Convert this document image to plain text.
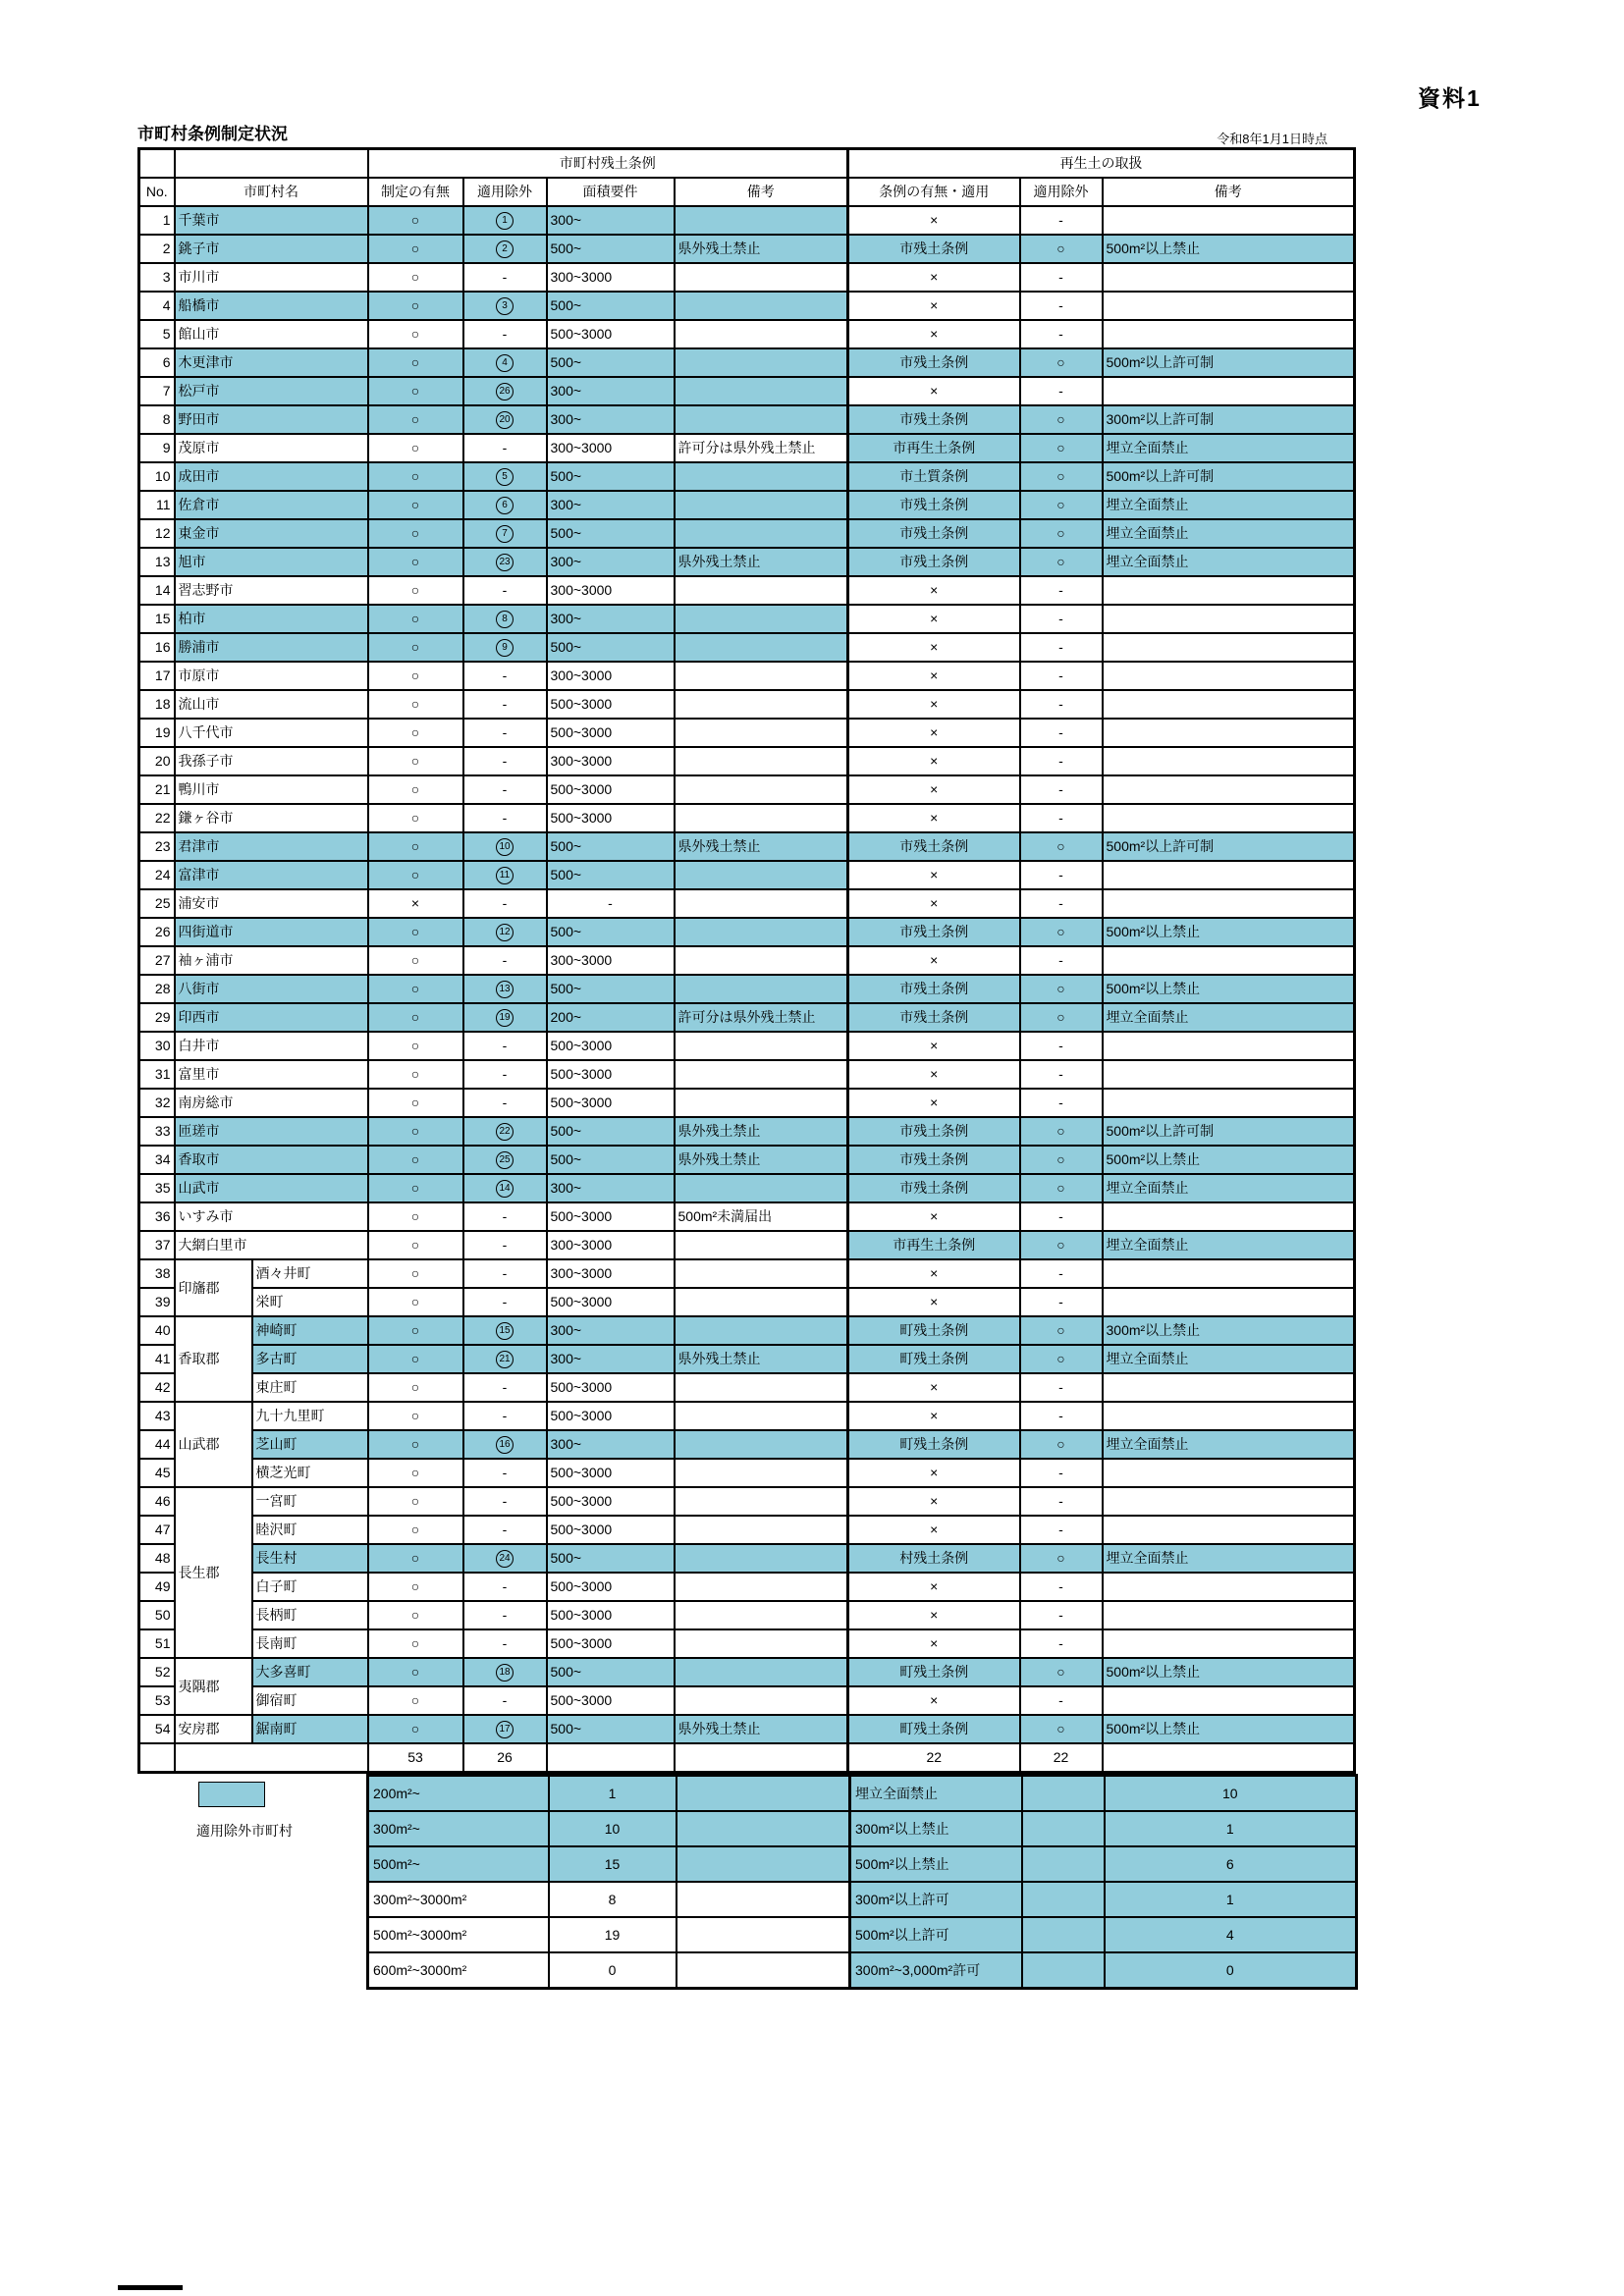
資料1
市町村条例制定状況	令和8年1月1日時点
			市町村残土条例				再生土の取扱		
No.	市町村名		制定の有無	適用除外	面積要件	備考	条例の有無・適用	適用除外	備考
1	千葉市		○	1	300~		×	-	
2	銚子市		○	2	500~	県外残土禁止	市残土条例	○	500m²以上禁止
3	市川市		○	-	300~3000		×	-	
4	船橋市		○	3	500~		×	-	
5	館山市		○	-	500~3000		×	-	
6	木更津市		○	4	500~		市残土条例	○	500m²以上許可制
7	松戸市		○	26	300~		×	-	
8	野田市		○	20	300~		市残土条例	○	300m²以上許可制
9	茂原市		○	-	300~3000	許可分は県外残土禁止	市再生土条例	○	埋立全面禁止
10	成田市		○	5	500~		市土質条例	○	500m²以上許可制
11	佐倉市		○	6	300~		市残土条例	○	埋立全面禁止
12	東金市		○	7	500~		市残土条例	○	埋立全面禁止
13	旭市		○	23	300~	県外残土禁止	市残土条例	○	埋立全面禁止
14	習志野市		○	-	300~3000		×	-	
15	柏市		○	8	300~		×	-	
16	勝浦市		○	9	500~		×	-	
17	市原市		○	-	300~3000		×	-	
18	流山市		○	-	500~3000		×	-	
19	八千代市		○	-	500~3000		×	-	
20	我孫子市		○	-	300~3000		×	-	
21	鴨川市		○	-	500~3000		×	-	
22	鎌ヶ谷市		○	-	500~3000		×	-	
23	君津市		○	10	500~	県外残土禁止	市残土条例	○	500m²以上許可制
24	富津市		○	11	500~		×	-	
25	浦安市		×	-	-		×	-	
26	四街道市		○	12	500~		市残土条例	○	500m²以上禁止
27	袖ヶ浦市		○	-	300~3000		×	-	
28	八街市		○	13	500~		市残土条例	○	500m²以上禁止
29	印西市		○	19	200~	許可分は県外残土禁止	市残土条例	○	埋立全面禁止
30	白井市		○	-	500~3000		×	-	
31	富里市		○	-	500~3000		×	-	
32	南房総市		○	-	500~3000		×	-	
33	匝瑳市		○	22	500~	県外残土禁止	市残土条例	○	500m²以上許可制
34	香取市		○	25	500~	県外残土禁止	市残土条例	○	500m²以上禁止
35	山武市		○	14	300~		市残土条例	○	埋立全面禁止
36	いすみ市		○	-	500~3000	500m²未満届出	×	-	
37	大網白里市		○	-	300~3000		市再生土条例	○	埋立全面禁止
38	印旛郡	酒々井町	○	-	300~3000		×	-	
39		栄町	○	-	500~3000		×	-	
40	香取郡	神崎町	○	15	300~		町残土条例	○	300m²以上禁止
41		多古町	○	21	300~	県外残土禁止	町残土条例	○	埋立全面禁止
42		東庄町	○	-	500~3000		×	-	
43	山武郡	九十九里町	○	-	500~3000		×	-	
44		芝山町	○	16	300~		町残土条例	○	埋立全面禁止
45		横芝光町	○	-	500~3000		×	-	
46	長生郡	一宮町	○	-	500~3000		×	-	
47		睦沢町	○	-	500~3000		×	-	
48		長生村	○	24	500~		村残土条例	○	埋立全面禁止
49		白子町	○	-	500~3000		×	-	
50		長柄町	○	-	500~3000		×	-	
51		長南町	○	-	500~3000		×	-	
52	夷隅郡	大多喜町	○	18	500~		町残土条例	○	500m²以上禁止
53		御宿町	○	-	500~3000		×	-	
54	安房郡	鋸南町	○	17	500~	県外残土禁止	町残土条例	○	500m²以上禁止
			53	26			22	22	
適用除外市町村
200m²~	1		埋立全面禁止		10
300m²~	10		300m²以上禁止		1
500m²~	15		500m²以上禁止		6
300m²~3000m²	8		300m²以上許可		1
500m²~3000m²	19		500m²以上許可		4
600m²~3000m²	0		300m²~3,000m²許可		0
